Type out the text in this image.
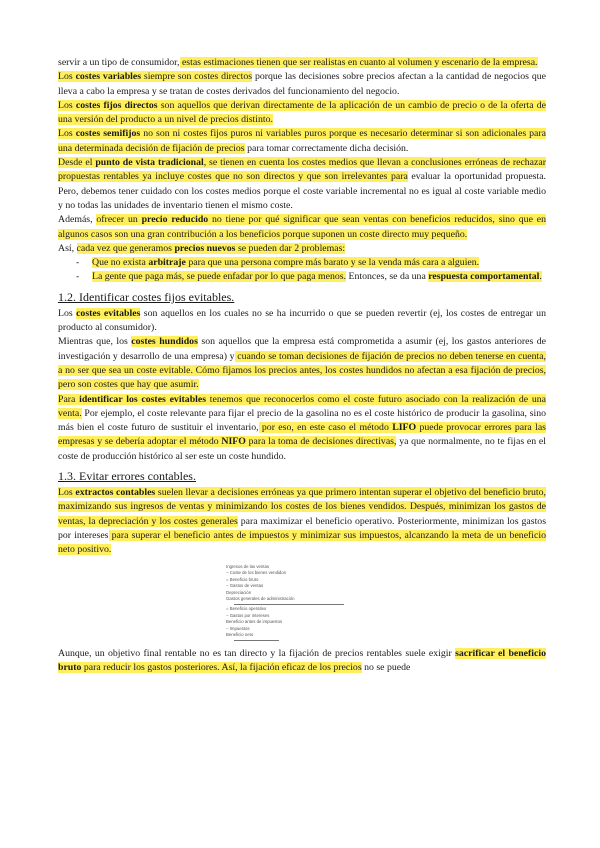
servir a un tipo de consumidor, estas estimaciones tienen que ser realistas en cuanto al volumen y escenario de la empresa.

Los costes variables siempre son costes directos porque las decisiones sobre precios afectan a la cantidad de negocios que lleva a cabo la empresa y se tratan de costes derivados del funcionamiento del negocio.

Los costes fijos directos son aquellos que derivan directamente de la aplicación de un cambio de precio o de la oferta de una versión del producto a un nivel de precios distinto.

Los costes semifijos no son ni costes fijos puros ni variables puros porque es necesario determinar si son adicionales para una determinada decisión de fijación de precios para tomar correctamente dicha decisión.

Desde el punto de vista tradicional, se tienen en cuenta los costes medios que llevan a conclusiones erróneas de rechazar propuestas rentables ya incluye costes que no son directos y que son irrelevantes para evaluar la oportunidad propuesta. Pero, debemos tener cuidado con los costes medios porque el coste variable incremental no es igual al coste variable medio y no todas las unidades de inventario tienen el mismo coste.

Además, ofrecer un precio reducido no tiene por qué significar que sean ventas con beneficios reducidos, sino que en algunos casos son una gran contribución a los beneficios porque suponen un coste directo muy pequeño.

Así, cada vez que generamos precios nuevos se pueden dar 2 problemas:

- Que no exista arbitraje para que una persona compre más barato y se la venda más cara a alguien.
- La gente que paga más, se puede enfadar por lo que paga menos. Entonces, se da una respuesta comportamental.
1.2. Identificar costes fijos evitables.

Los costes evitables son aquellos en los cuales no se ha incurrido o que se pueden revertir (ej, los costes de entregar un producto al consumidor).

Mientras que, los costes hundidos son aquellos que la empresa está comprometida a asumir (ej, los gastos anteriores de investigación y desarrollo de una empresa) y cuando se toman decisiones de fijación de precios no deben tenerse en cuenta, a no ser que sea un coste evitable. Cómo fijamos los precios antes, los costes hundidos no afectan a esa fijación de precios, pero son costes que hay que asumir.

Para identificar los costes evitables tenemos que reconocerlos como el coste futuro asociado con la realización de una venta. Por ejemplo, el coste relevante para fijar el precio de la gasolina no es el coste histórico de producir la gasolina, sino más bien el coste futuro de sustituir el inventario, por eso, en este caso el método LIFO puede provocar errores para las empresas y se debería adoptar el método NIFO para la toma de decisiones directivas, ya que normalmente, no te fijas en el coste de producción histórico al ser este un coste hundido.

1.3. Evitar errores contables.

Los extractos contables suelen llevar a decisiones erróneas ya que primero intentan superar el objetivo del beneficio bruto, maximizando sus ingresos de ventas y minimizando los costes de los bienes vendidos. Después, minimizan los gastos de ventas, la depreciación y los costes generales para maximizar el beneficio operativo. Posteriormente, minimizan los gastos por intereses para superar el beneficio antes de impuestos y minimizar sus impuestos, alcanzando la meta de un beneficio neto positivo.

Ingresos de las ventas
− Coste de los bienes vendidos
= Beneficio bruto
− Gastos de ventas
Depreciación
Gastos generales de administración
= Beneficio operativo
− Gastos por intereses
Beneficio antes de impuestos
− Impuestos
Beneficio neto

Aunque, un objetivo final rentable no es tan directo y la fijación de precios rentables suele exigir sacrificar el beneficio bruto para reducir los gastos posteriores. Así, la fijación eficaz de los precios no se puede
